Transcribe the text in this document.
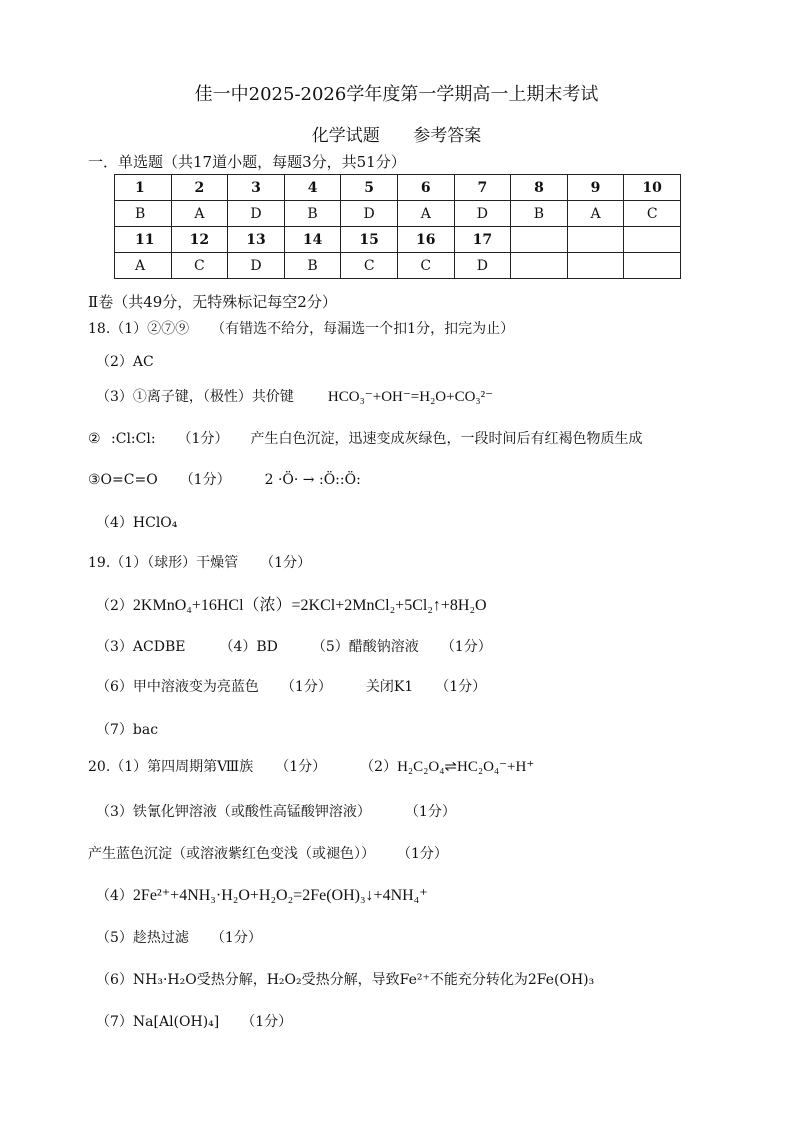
佳一中2025-2026学年度第一学期高一上期末考试
化学试题 参考答案
一．单选题（共17道小题，每题3分，共51分）
1	2	3	4	5	6	7	8	9	10
B	A	D	B	D	A	D	B	A	C
11	12	13	14	15	16	17			
A	C	D	B	C	C	D			
Ⅱ卷（共49分，无特殊标记每空2分）
18.（1）②⑦⑨ （有错选不给分，每漏选一个扣1分，扣完为止）
（2）AC
（3）①离子键，（极性）共价键 HCO₃⁻+OH⁻=H₂O+CO₃²⁻
② :Cl:Cl: （1分） 产生白色沉淀，迅速变成灰绿色，一段时间后有红褐色物质生成
③O=C=O （1分） 2 ·Ö· → :Ö::Ö:
（4）HClO₄
19.（1）（球形）干燥管 （1分）
（2）2KMnO₄+16HCl（浓）=2KCl+2MnCl₂+5Cl₂↑+8H₂O
（3）ACDBE （4）BD （5）醋酸钠溶液 （1分）
（6）甲中溶液变为亮蓝色 （1分） 关闭K1 （1分）
（7）bac
20.（1）第四周期第Ⅷ族 （1分） （2）H₂C₂O₄⇌HC₂O₄⁻+H⁺
（3）铁氰化钾溶液（或酸性高锰酸钾溶液） （1分）
产生蓝色沉淀（或溶液紫红色变浅（或褪色）） （1分）
（4）2Fe²⁺+4NH₃·H₂O+H₂O₂=2Fe(OH)₃↓+4NH₄⁺
（5）趁热过滤 （1分）
（6）NH₃·H₂O受热分解，H₂O₂受热分解，导致Fe²⁺不能充分转化为2Fe(OH)₃
（7）Na[Al(OH)₄] （1分）
